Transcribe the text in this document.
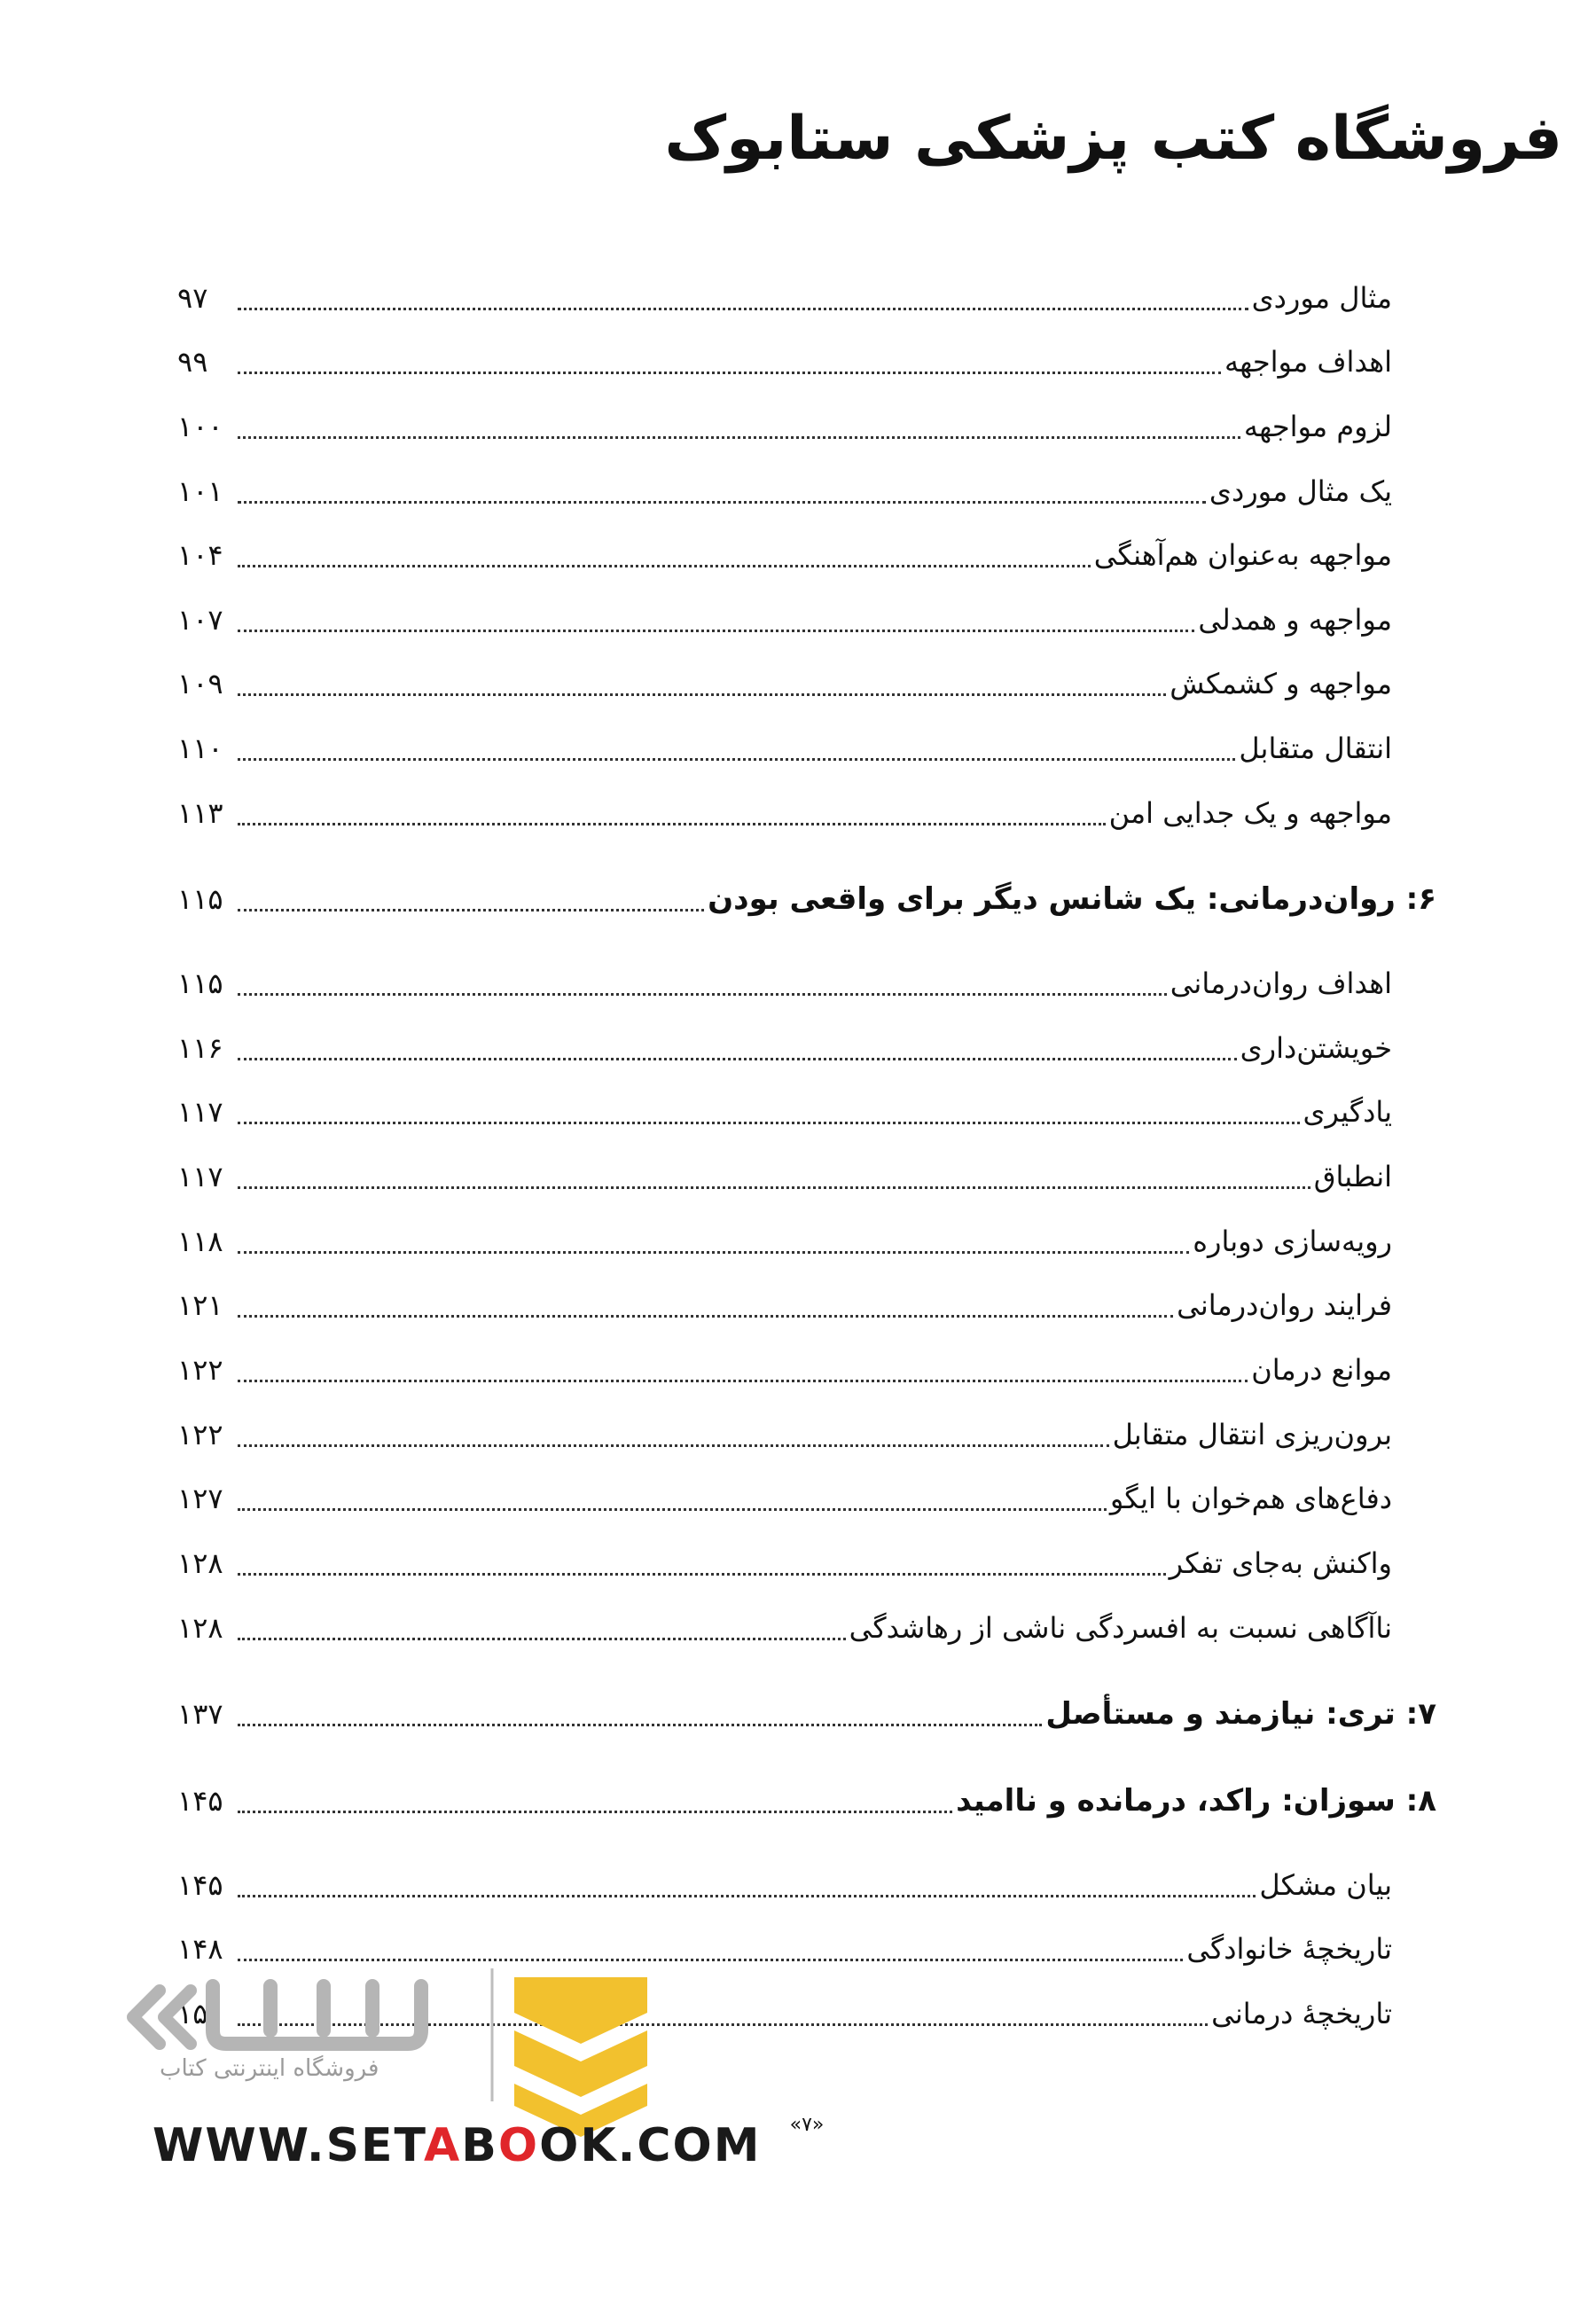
فروشگاه کتب پزشکی ستابوک
مثال موردی
۹۷
اهداف مواجهه
۹۹
لزوم مواجهه
۱۰۰
یک مثال موردی
۱۰۱
مواجهه به‌عنوان هم‌آهنگی
۱۰۴
مواجهه و همدلی
۱۰۷
مواجهه و کشمکش
۱۰۹
انتقال متقابل
۱۱۰
مواجهه و یک جدایی امن
۱۱۳
۶: روان‌درمانی: یک شانس دیگر برای واقعی بودن
۱۱۵
اهداف روان‌درمانی
۱۱۵
خویشتن‌داری
۱۱۶
یادگیری
۱۱۷
انطباق
۱۱۷
رویه‌سازی دوباره
۱۱۸
فرایند روان‌درمانی
۱۲۱
موانع درمان
۱۲۲
برون‌ریزی انتقال متقابل
۱۲۲
دفاع‌های هم‌خوان با ایگو
۱۲۷
واکنش به‌جای تفکر
۱۲۸
ناآگاهی نسبت به افسردگی ناشی از رهاشدگی
۱۲۸
۷: تری: نیازمند و مستأصل
۱۳۷
۸: سوزان: راکد، درمانده و ناامید
۱۴۵
بیان مشکل
۱۴۵
تاریخچۀ خانوادگی
۱۴۸
تاریخچۀ درمانی
۱۵۰
«۷»
فروشگاه اینترنتی کتاب
WWW.SETABOOK.COM
